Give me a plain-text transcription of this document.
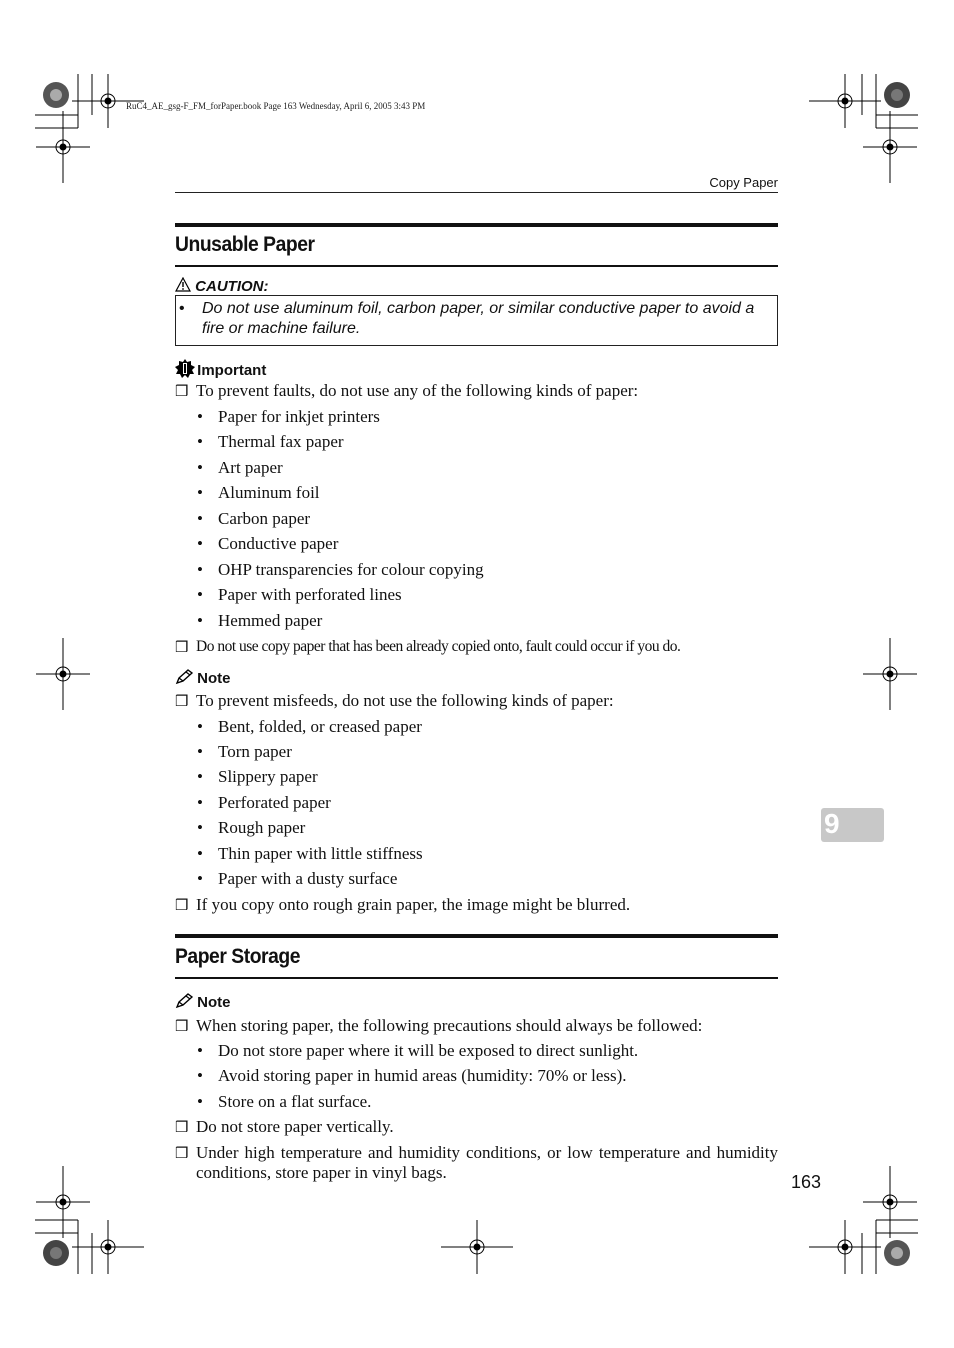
RuC4_AE_gsg-F_FM_forPaper.book Page 163 Wednesday, April 6, 2005 3:43 PM
Copy Paper
Unusable Paper
CAUTION:
• Do not use aluminum foil, carbon paper, or similar conductive paper to avoid a fire or machine failure.
Important
❒ To prevent faults, do not use any of the following kinds of paper:
• Paper for inkjet printers
• Thermal fax paper
• Art paper
• Aluminum foil
• Carbon paper
• Conductive paper
• OHP transparencies for colour copying
• Paper with perforated lines
• Hemmed paper
❒ Do not use copy paper that has been already copied onto, fault could occur if you do.
Note
❒ To prevent misfeeds, do not use the following kinds of paper:
• Bent, folded, or creased paper
• Torn paper
• Slippery paper
• Perforated paper
• Rough paper
• Thin paper with little stiffness
• Paper with a dusty surface
❒ If you copy onto rough grain paper, the image might be blurred.
Paper Storage
Note
❒ When storing paper, the following precautions should always be followed:
• Do not store paper where it will be exposed to direct sunlight.
• Avoid storing paper in humid areas (humidity: 70% or less).
• Store on a flat surface.
❒ Do not store paper vertically.
❒ Under high temperature and humidity conditions, or low temperature and humidity conditions, store paper in vinyl bags.
9
163
